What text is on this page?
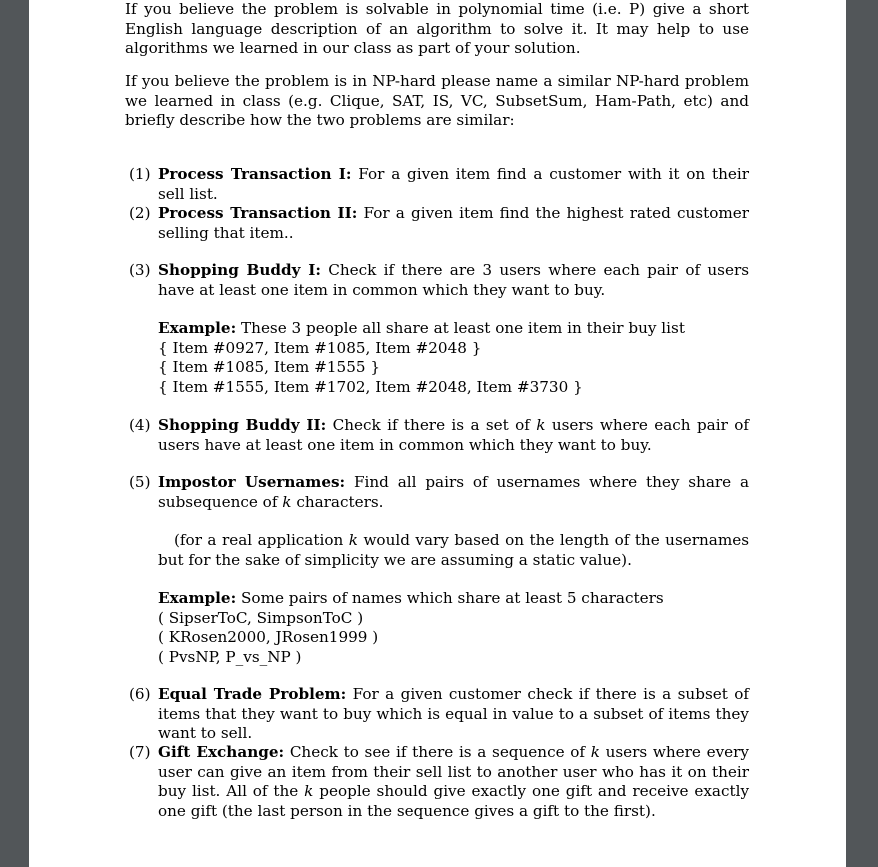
If you believe the problem is solvable in polynomial time (i.e. P) give a short English language description of an algorithm to solve it. It may help to use algorithms we learned in our class as part of your solution.

If you believe the problem is in NP-hard please name a similar NP-hard problem we learned in class (e.g. Clique, SAT, IS, VC, SubsetSum, Ham-Path, etc) and briefly describe how the two problems are similar:

(1) Process Transaction I: For a given item find a customer with it on their sell list.
(2) Process Transaction II: For a given item find the highest rated customer selling that item..
(3) Shopping Buddy I: Check if there are 3 users where each pair of users have at least one item in common which they want to buy.
Example: These 3 people all share at least one item in their buy list
{ Item #0927, Item #1085, Item #2048 }
{ Item #1085, Item #1555 }
{ Item #1555, Item #1702, Item #2048, Item #3730 }
(4) Shopping Buddy II: Check if there is a set of k users where each pair of users have at least one item in common which they want to buy.
(5) Impostor Usernames: Find all pairs of usernames where they share a subsequence of k characters.
(for a real application k would vary based on the length of the usernames but for the sake of simplicity we are assuming a static value).
Example: Some pairs of names which share at least 5 characters
( SipserToC, SimpsonToC )
( KRosen2000, JRosen1999 )
( PvsNP, P_vs_NP )
(6) Equal Trade Problem: For a given customer check if there is a subset of items that they want to buy which is equal in value to a subset of items they want to sell.
(7) Gift Exchange: Check to see if there is a sequence of k users where every user can give an item from their sell list to another user who has it on their buy list. All of the k people should give exactly one gift and receive exactly one gift (the last person in the sequence gives a gift to the first).
